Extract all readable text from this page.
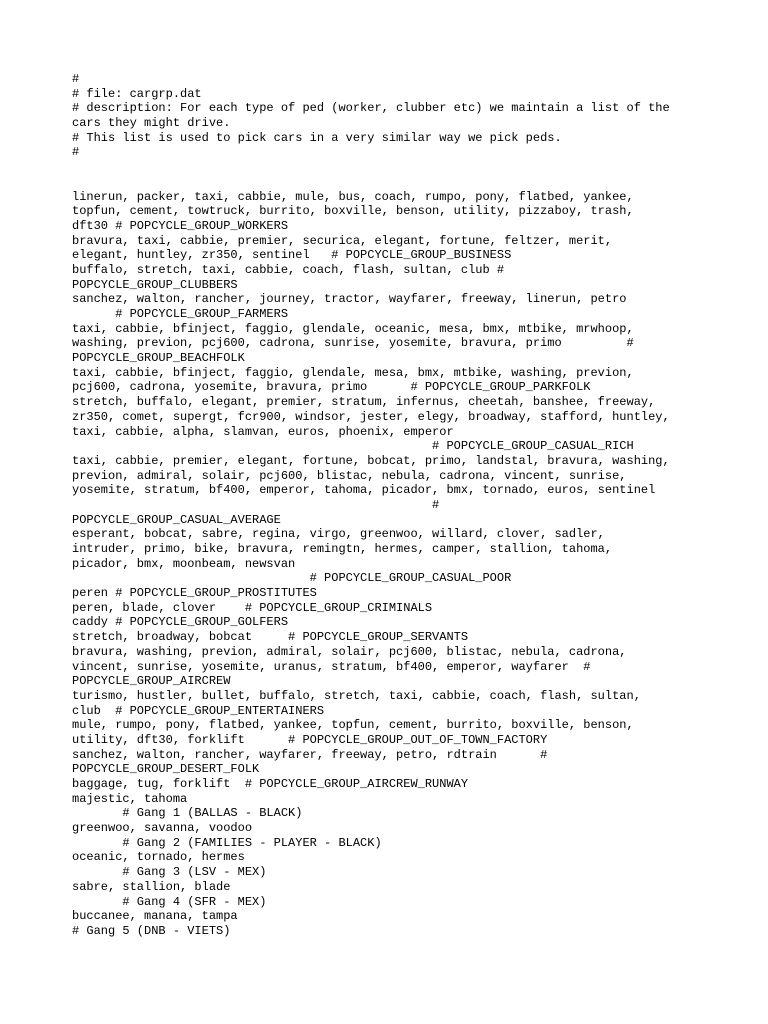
#
# file: cargrp.dat
# description: For each type of ped (worker, clubber etc) we maintain a list of the
cars they might drive.
# This list is used to pick cars in a very similar way we pick peds.
#
linerun, packer, taxi, cabbie, mule, bus, coach, rumpo, pony, flatbed, yankee,
topfun, cement, towtruck, burrito, boxville, benson, utility, pizzaboy, trash,
dft30 # POPCYCLE_GROUP_WORKERS
bravura, taxi, cabbie, premier, securica, elegant, fortune, feltzer, merit,
elegant, huntley, zr350, sentinel   # POPCYCLE_GROUP_BUSINESS
buffalo, stretch, taxi, cabbie, coach, flash, sultan, club #
POPCYCLE_GROUP_CLUBBERS
sanchez, walton, rancher, journey, tractor, wayfarer, freeway, linerun, petro
# POPCYCLE_GROUP_FARMERS
taxi, cabbie, bfinject, faggio, glendale, oceanic, mesa, bmx, mtbike, mrwhoop,
washing, previon, pcj600, cadrona, sunrise, yosemite, bravura, primo         #
POPCYCLE_GROUP_BEACHFOLK
taxi, cabbie, bfinject, faggio, glendale, mesa, bmx, mtbike, washing, previon,
pcj600, cadrona, yosemite, bravura, primo      # POPCYCLE_GROUP_PARKFOLK
stretch, buffalo, elegant, premier, stratum, infernus, cheetah, banshee, freeway,
zr350, comet, supergt, fcr900, windsor, jester, elegy, broadway, stafford, huntley,
taxi, cabbie, alpha, slamvan, euros, phoenix, emperor
# POPCYCLE_GROUP_CASUAL_RICH
taxi, cabbie, premier, elegant, fortune, bobcat, primo, landstal, bravura, washing,
previon, admiral, solair, pcj600, blistac, nebula, cadrona, vincent, sunrise,
yosemite, stratum, bf400, emperor, tahoma, picador, bmx, tornado, euros, sentinel
#
POPCYCLE_GROUP_CASUAL_AVERAGE
esperant, bobcat, sabre, regina, virgo, greenwoo, willard, clover, sadler,
intruder, primo, bike, bravura, remingtn, hermes, camper, stallion, tahoma,
picador, bmx, moonbeam, newsvan
# POPCYCLE_GROUP_CASUAL_POOR
peren # POPCYCLE_GROUP_PROSTITUTES
peren, blade, clover    # POPCYCLE_GROUP_CRIMINALS
caddy # POPCYCLE_GROUP_GOLFERS
stretch, broadway, bobcat     # POPCYCLE_GROUP_SERVANTS
bravura, washing, previon, admiral, solair, pcj600, blistac, nebula, cadrona,
vincent, sunrise, yosemite, uranus, stratum, bf400, emperor, wayfarer  #
POPCYCLE_GROUP_AIRCREW
turismo, hustler, bullet, buffalo, stretch, taxi, cabbie, coach, flash, sultan,
club  # POPCYCLE_GROUP_ENTERTAINERS
mule, rumpo, pony, flatbed, yankee, topfun, cement, burrito, boxville, benson,
utility, dft30, forklift      # POPCYCLE_GROUP_OUT_OF_TOWN_FACTORY
sanchez, walton, rancher, wayfarer, freeway, petro, rdtrain      #
POPCYCLE_GROUP_DESERT_FOLK
baggage, tug, forklift  # POPCYCLE_GROUP_AIRCREW_RUNWAY
majestic, tahoma
# Gang 1 (BALLAS - BLACK)
greenwoo, savanna, voodoo
# Gang 2 (FAMILIES - PLAYER - BLACK)
oceanic, tornado, hermes
# Gang 3 (LSV - MEX)
sabre, stallion, blade
# Gang 4 (SFR - MEX)
buccanee, manana, tampa
# Gang 5 (DNB - VIETS)
